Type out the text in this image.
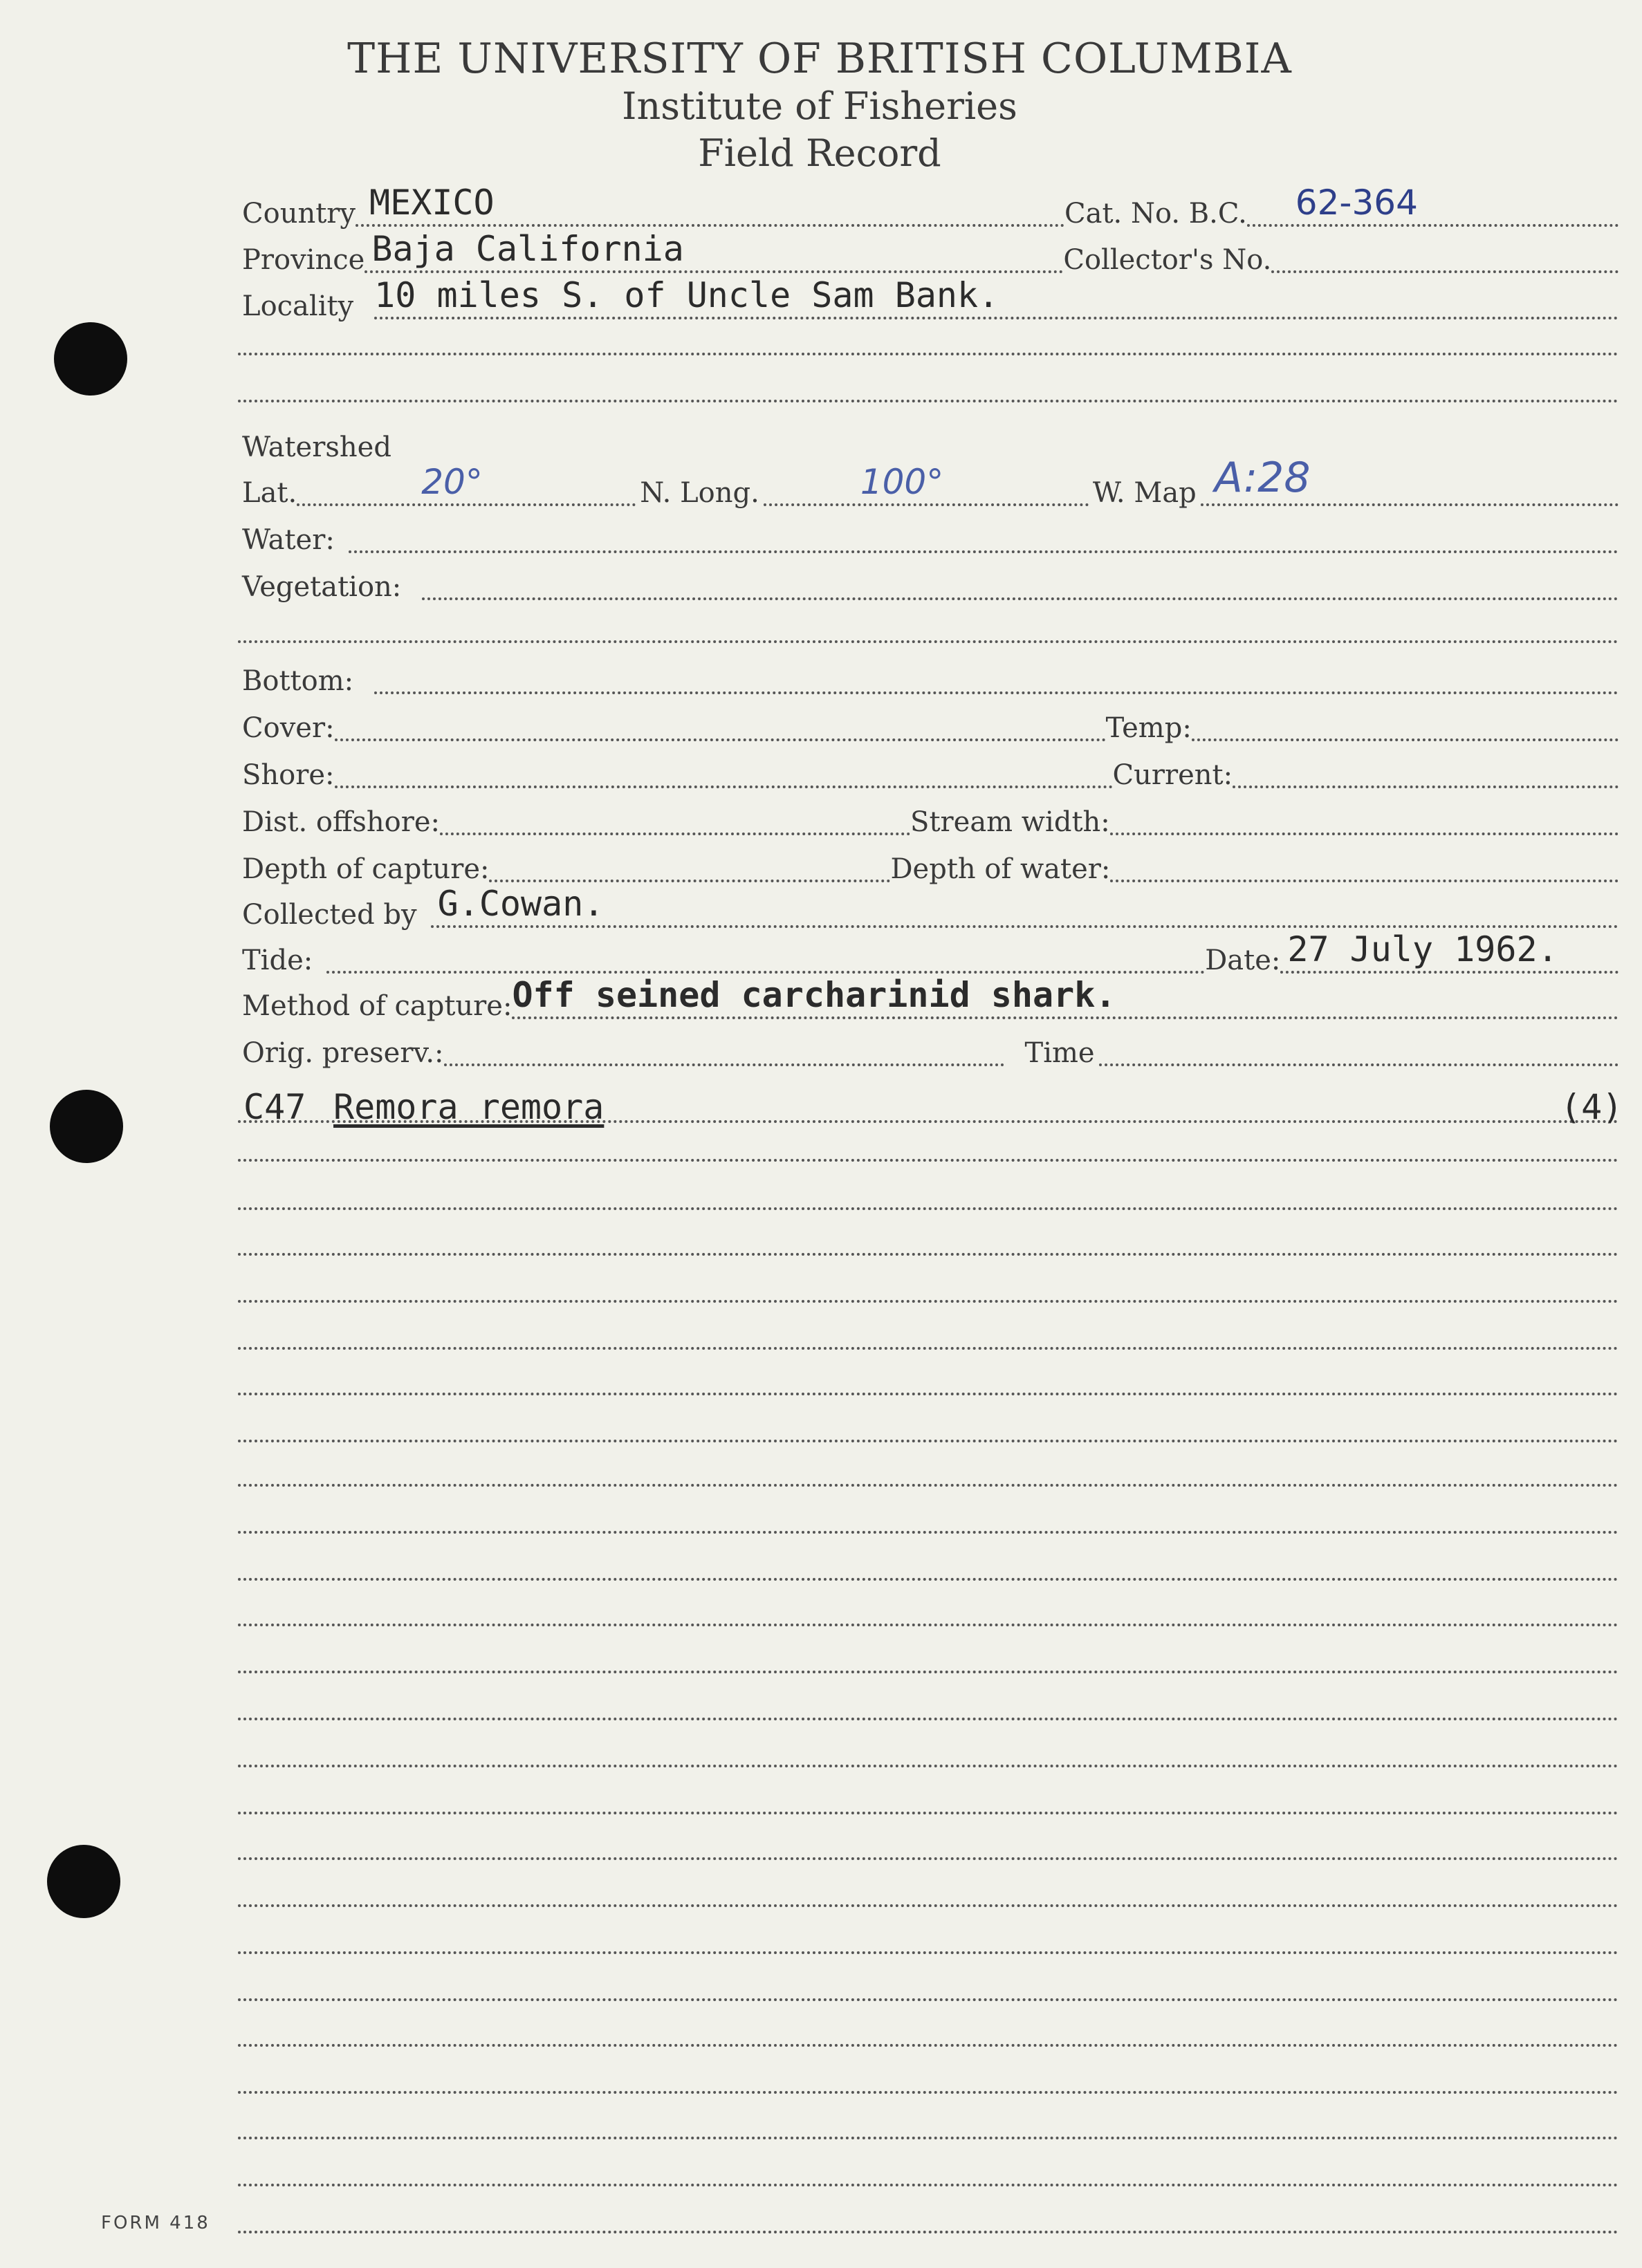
THE UNIVERSITY OF BRITISH COLUMBIA
Institute of Fisheries
Field Record
Country MEXICO	Cat. No. B.C. 62-364
Province Baja California	Collector's No.
Locality 10 miles S. of Uncle Sam Bank.
Watershed
Lat.	20°	N. Long.	100°	W. Map A:28
Water:
Vegetation:
Bottom:
Cover:	Temp:
Shore:	Current:
Dist. offshore:	Stream width:
Depth of capture:	Depth of water:
Collected by G.Cowan.
Tide:	Date: 27 July 1962.
Method of capture: Off seined carcharinid shark.
Orig. preserv.:	Time
C47 Remora remora	(4)
FORM 418
